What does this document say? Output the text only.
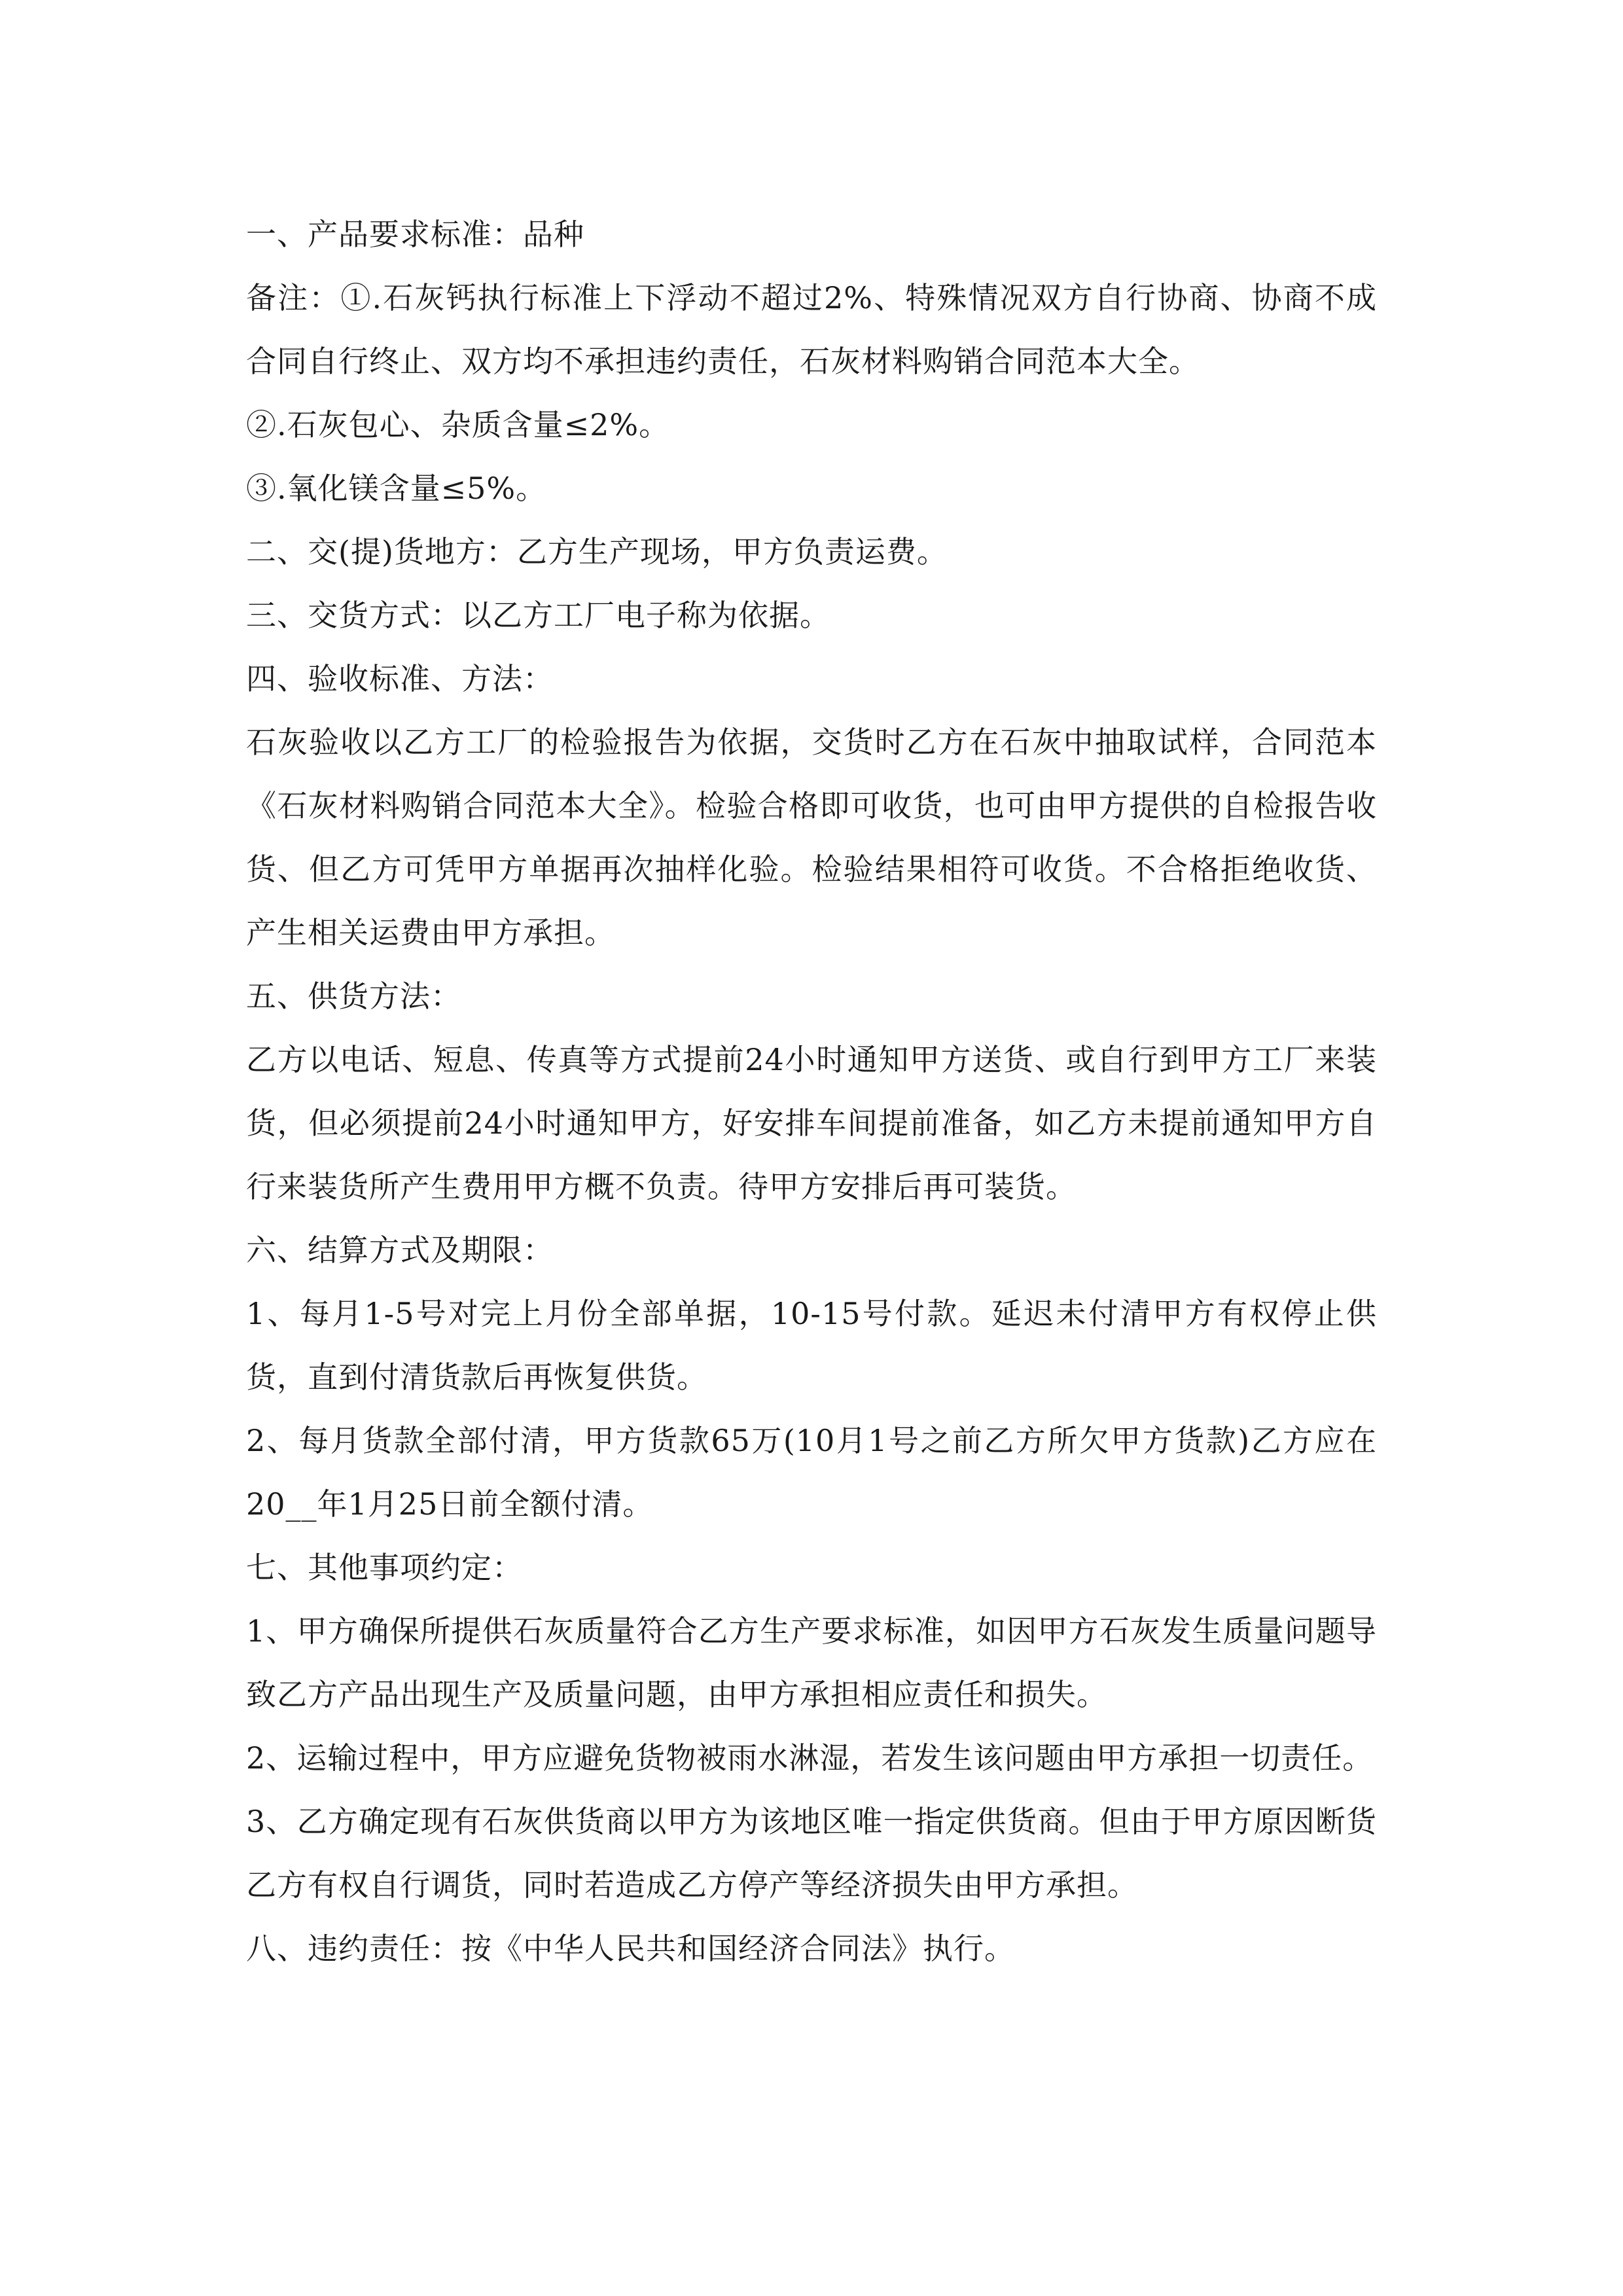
一、产品要求标准：品种

备注：①.石灰钙执行标准上下浮动不超过2%、特殊情况双方自行协商、协商不成合同自行终止、双方均不承担违约责任，石灰材料购销合同范本大全。

②.石灰包心、杂质含量≤2%。

③.氧化镁含量≤5%。

二、交(提)货地方：乙方生产现场，甲方负责运费。

三、交货方式：以乙方工厂电子称为依据。

四、验收标准、方法：

石灰验收以乙方工厂的检验报告为依据，交货时乙方在石灰中抽取试样，合同范本《石灰材料购销合同范本大全》。检验合格即可收货，也可由甲方提供的自检报告收货、但乙方可凭甲方单据再次抽样化验。检验结果相符可收货。不合格拒绝收货、产生相关运费由甲方承担。

五、供货方法：

乙方以电话、短息、传真等方式提前24小时通知甲方送货、或自行到甲方工厂来装货，但必须提前24小时通知甲方，好安排车间提前准备，如乙方未提前通知甲方自行来装货所产生费用甲方概不负责。待甲方安排后再可装货。

六、结算方式及期限：

1、每月1-5号对完上月份全部单据，10-15号付款。延迟未付清甲方有权停止供货，直到付清货款后再恢复供货。

2、每月货款全部付清，甲方货款65万(10月1号之前乙方所欠甲方货款)乙方应在20__年1月25日前全额付清。

七、其他事项约定：

1、甲方确保所提供石灰质量符合乙方生产要求标准，如因甲方石灰发生质量问题导致乙方产品出现生产及质量问题，由甲方承担相应责任和损失。

2、运输过程中，甲方应避免货物被雨水淋湿，若发生该问题由甲方承担一切责任。

3、乙方确定现有石灰供货商以甲方为该地区唯一指定供货商。但由于甲方原因断货乙方有权自行调货，同时若造成乙方停产等经济损失由甲方承担。

八、违约责任：按《中华人民共和国经济合同法》执行。
